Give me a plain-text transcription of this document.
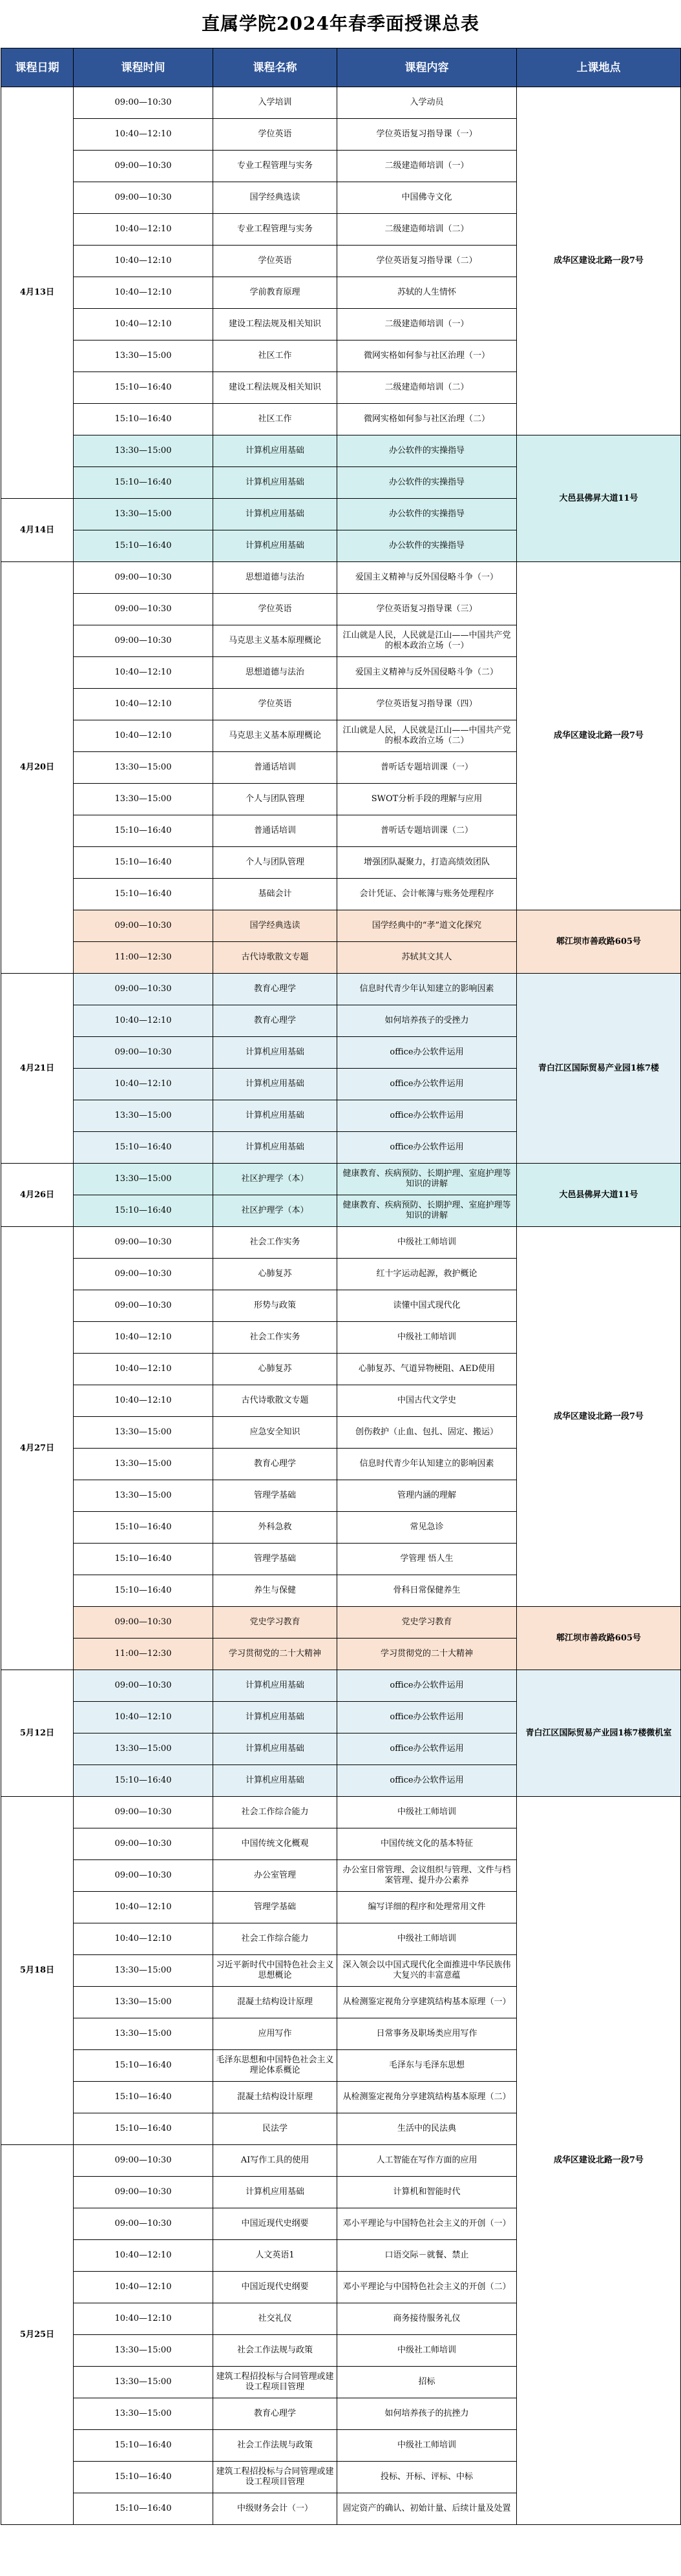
直属学院2024年春季面授课总表
课程日期	课程时间	课程名称	课程内容	上课地点
4月13日	09:00—10:30	入学培训	入学动员	成华区建设北路一段7号
	10:40—12:10	学位英语	学位英语复习指导课（一）	
	09:00—10:30	专业工程管理与实务	二级建造师培训（一）	
	09:00—10:30	国学经典选读	中国佛寺文化	
	10:40—12:10	专业工程管理与实务	二级建造师培训（二）	
	10:40—12:10	学位英语	学位英语复习指导课（二）	
	10:40—12:10	学前教育原理	苏轼的人生情怀	
	10:40—12:10	建设工程法规及相关知识	二级建造师培训（一）	
	13:30—15:00	社区工作	微网实格如何参与社区治理（一）	
	15:10—16:40	建设工程法规及相关知识	二级建造师培训（二）	
	15:10—16:40	社区工作	微网实格如何参与社区治理（二）	
	13:30—15:00	计算机应用基础	办公软件的实操指导	大邑县佛昇大道11号
	15:10—16:40	计算机应用基础	办公软件的实操指导	
4月14日	13:30—15:00	计算机应用基础	办公软件的实操指导	
	15:10—16:40	计算机应用基础	办公软件的实操指导	
4月20日	09:00—10:30	思想道德与法治	爱国主义精神与反外国侵略斗争（一）	成华区建设北路一段7号
	09:00—10:30	学位英语	学位英语复习指导课（三）	
	09:00—10:30	马克思主义基本原理概论	江山就是人民，人民就是江山——中国共产党的根本政治立场（一）	
	10:40—12:10	思想道德与法治	爱国主义精神与反外国侵略斗争（二）	
	10:40—12:10	学位英语	学位英语复习指导课（四）	
	10:40—12:10	马克思主义基本原理概论	江山就是人民，人民就是江山——中国共产党的根本政治立场（二）	
	13:30—15:00	普通话培训	普听话专题培训课（一）	
	13:30—15:00	个人与团队管理	SWOT分析手段的理解与应用	
	15:10—16:40	普通话培训	普听话专题培训课（二）	
	15:10—16:40	个人与团队管理	增强团队凝聚力，打造高绩效团队	
	15:10—16:40	基础会计	会计凭证、会计帐簿与账务处理程序	
	09:00—10:30	国学经典选读	国学经典中的“孝”道文化探究	郫江坝市善政路605号
	11:00—12:30	古代诗歌散文专题	苏轼其文其人	
4月21日	09:00—10:30	教育心理学	信息时代青少年认知建立的影响因素	青白江区国际贸易产业园1栋7楼
	10:40—12:10	教育心理学	如何培养孩子的受挫力	
	09:00—10:30	计算机应用基础	office办公软件运用	
	10:40—12:10	计算机应用基础	office办公软件运用	
	13:30—15:00	计算机应用基础	office办公软件运用	
	15:10—16:40	计算机应用基础	office办公软件运用	
4月26日	13:30—15:00	社区护理学（本）	健康教育、疾病预防、长期护理、室庭护理等知识的讲解	大邑县佛昇大道11号
	15:10—16:40	社区护理学（本）	健康教育、疾病预防、长期护理、室庭护理等知识的讲解	
4月27日	09:00—10:30	社会工作实务	中级社工师培训	成华区建设北路一段7号
	09:00—10:30	心肺复苏	红十字运动起源，救护概论	
	09:00—10:30	形势与政策	读懂中国式现代化	
	10:40—12:10	社会工作实务	中级社工师培训	
	10:40—12:10	心肺复苏	心肺复苏、气道异物梗阻、AED使用	
	10:40—12:10	古代诗歌散文专题	中国古代文学史	
	13:30—15:00	应急安全知识	创伤救护（止血、包扎、固定、搬运）	
	13:30—15:00	教育心理学	信息时代青少年认知建立的影响因素	
	13:30—15:00	管理学基础	管理内涵的理解	
	15:10—16:40	外科急救	常见急诊	
	15:10—16:40	管理学基础	学管理 悟人生	
	15:10—16:40	养生与保健	骨科日常保健养生	
	09:00—10:30	党史学习教育	党史学习教育	郫江坝市善政路605号
	11:00—12:30	学习贯彻党的二十大精神	学习贯彻党的二十大精神	
5月12日	09:00—10:30	计算机应用基础	office办公软件运用	青白江区国际贸易产业园1栋7楼微机室
	10:40—12:10	计算机应用基础	office办公软件运用	
	13:30—15:00	计算机应用基础	office办公软件运用	
	15:10—16:40	计算机应用基础	office办公软件运用	
5月18日	09:00—10:30	社会工作综合能力	中级社工师培训	成华区建设北路一段7号
	09:00—10:30	中国传统文化概观	中国传统文化的基本特征	
	09:00—10:30	办公室管理	办公室日常管理、会议组织与管理、文件与档案管理、提升办公素养	
	10:40—12:10	管理学基础	编写详细的程序和处理常用文件	
	10:40—12:10	社会工作综合能力	中级社工师培训	
	13:30—15:00	习近平新时代中国特色社会主义思想概论	深入领会以中国式现代化全面推进中华民族伟大复兴的丰富意蕴	
	13:30—15:00	混凝土结构设计原理	从检测鉴定视角分享建筑结构基本原理（一）	
	13:30—15:00	应用写作	日常事务及职场类应用写作	
	15:10—16:40	毛泽东思想和中国特色社会主义理论体系概论	毛泽东与毛泽东思想	
	15:10—16:40	混凝土结构设计原理	从检测鉴定视角分享建筑结构基本原理（二）	
	15:10—16:40	民法学	生活中的民法典	
5月25日	09:00—10:30	AI写作工具的使用	人工智能在写作方面的应用	
	09:00—10:30	计算机应用基础	计算机和智能时代	
	09:00—10:30	中国近现代史纲要	邓小平理论与中国特色社会主义的开创（一）	
	10:40—12:10	人文英语1	口语交际－就餐、禁止	
	10:40—12:10	中国近现代史纲要	邓小平理论与中国特色社会主义的开创（二）	
	10:40—12:10	社交礼仪	商务接待服务礼仪	
	13:30—15:00	社会工作法规与政策	中级社工师培训	
	13:30—15:00	建筑工程招投标与合同管理或建设工程项目管理	招标	
	13:30—15:00	教育心理学	如何培养孩子的抗挫力	
	15:10—16:40	社会工作法规与政策	中级社工师培训	
	15:10—16:40	建筑工程招投标与合同管理或建设工程项目管理	投标、开标、评标、中标	
	15:10—16:40	中级财务会计（一）	固定资产的确认、初始计量、后续计量及处置	
